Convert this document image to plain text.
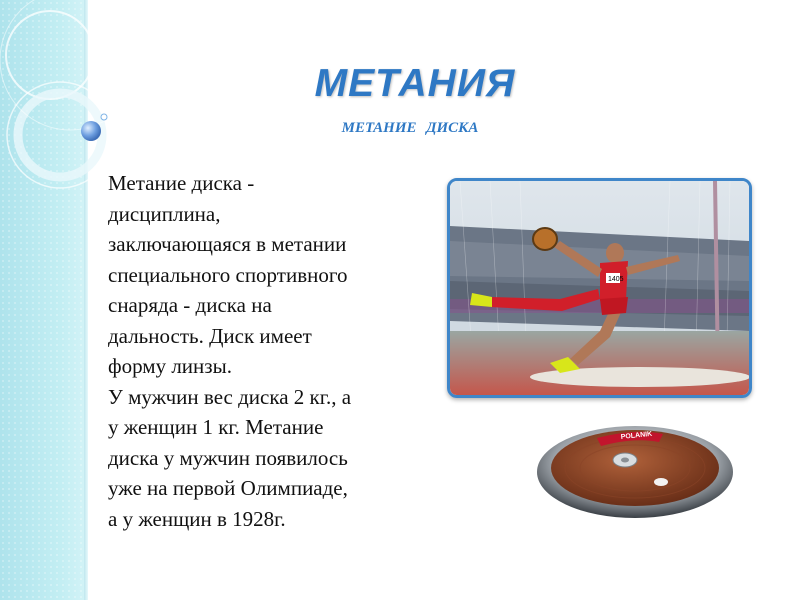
МЕТАНИЯ
МЕТАНИЕ ДИСКА

Метание диска -
дисциплина,
заключающаяся в метании
специального спортивного
снаряда - диска на
дальность. Диск имеет
форму линзы.

У мужчин вес диска 2 кг., а
у женщин 1 кг. Метание
диска у мужчин появилось
уже на первой Олимпиаде,
а у женщин в 1928г.

1405
POLANIK
